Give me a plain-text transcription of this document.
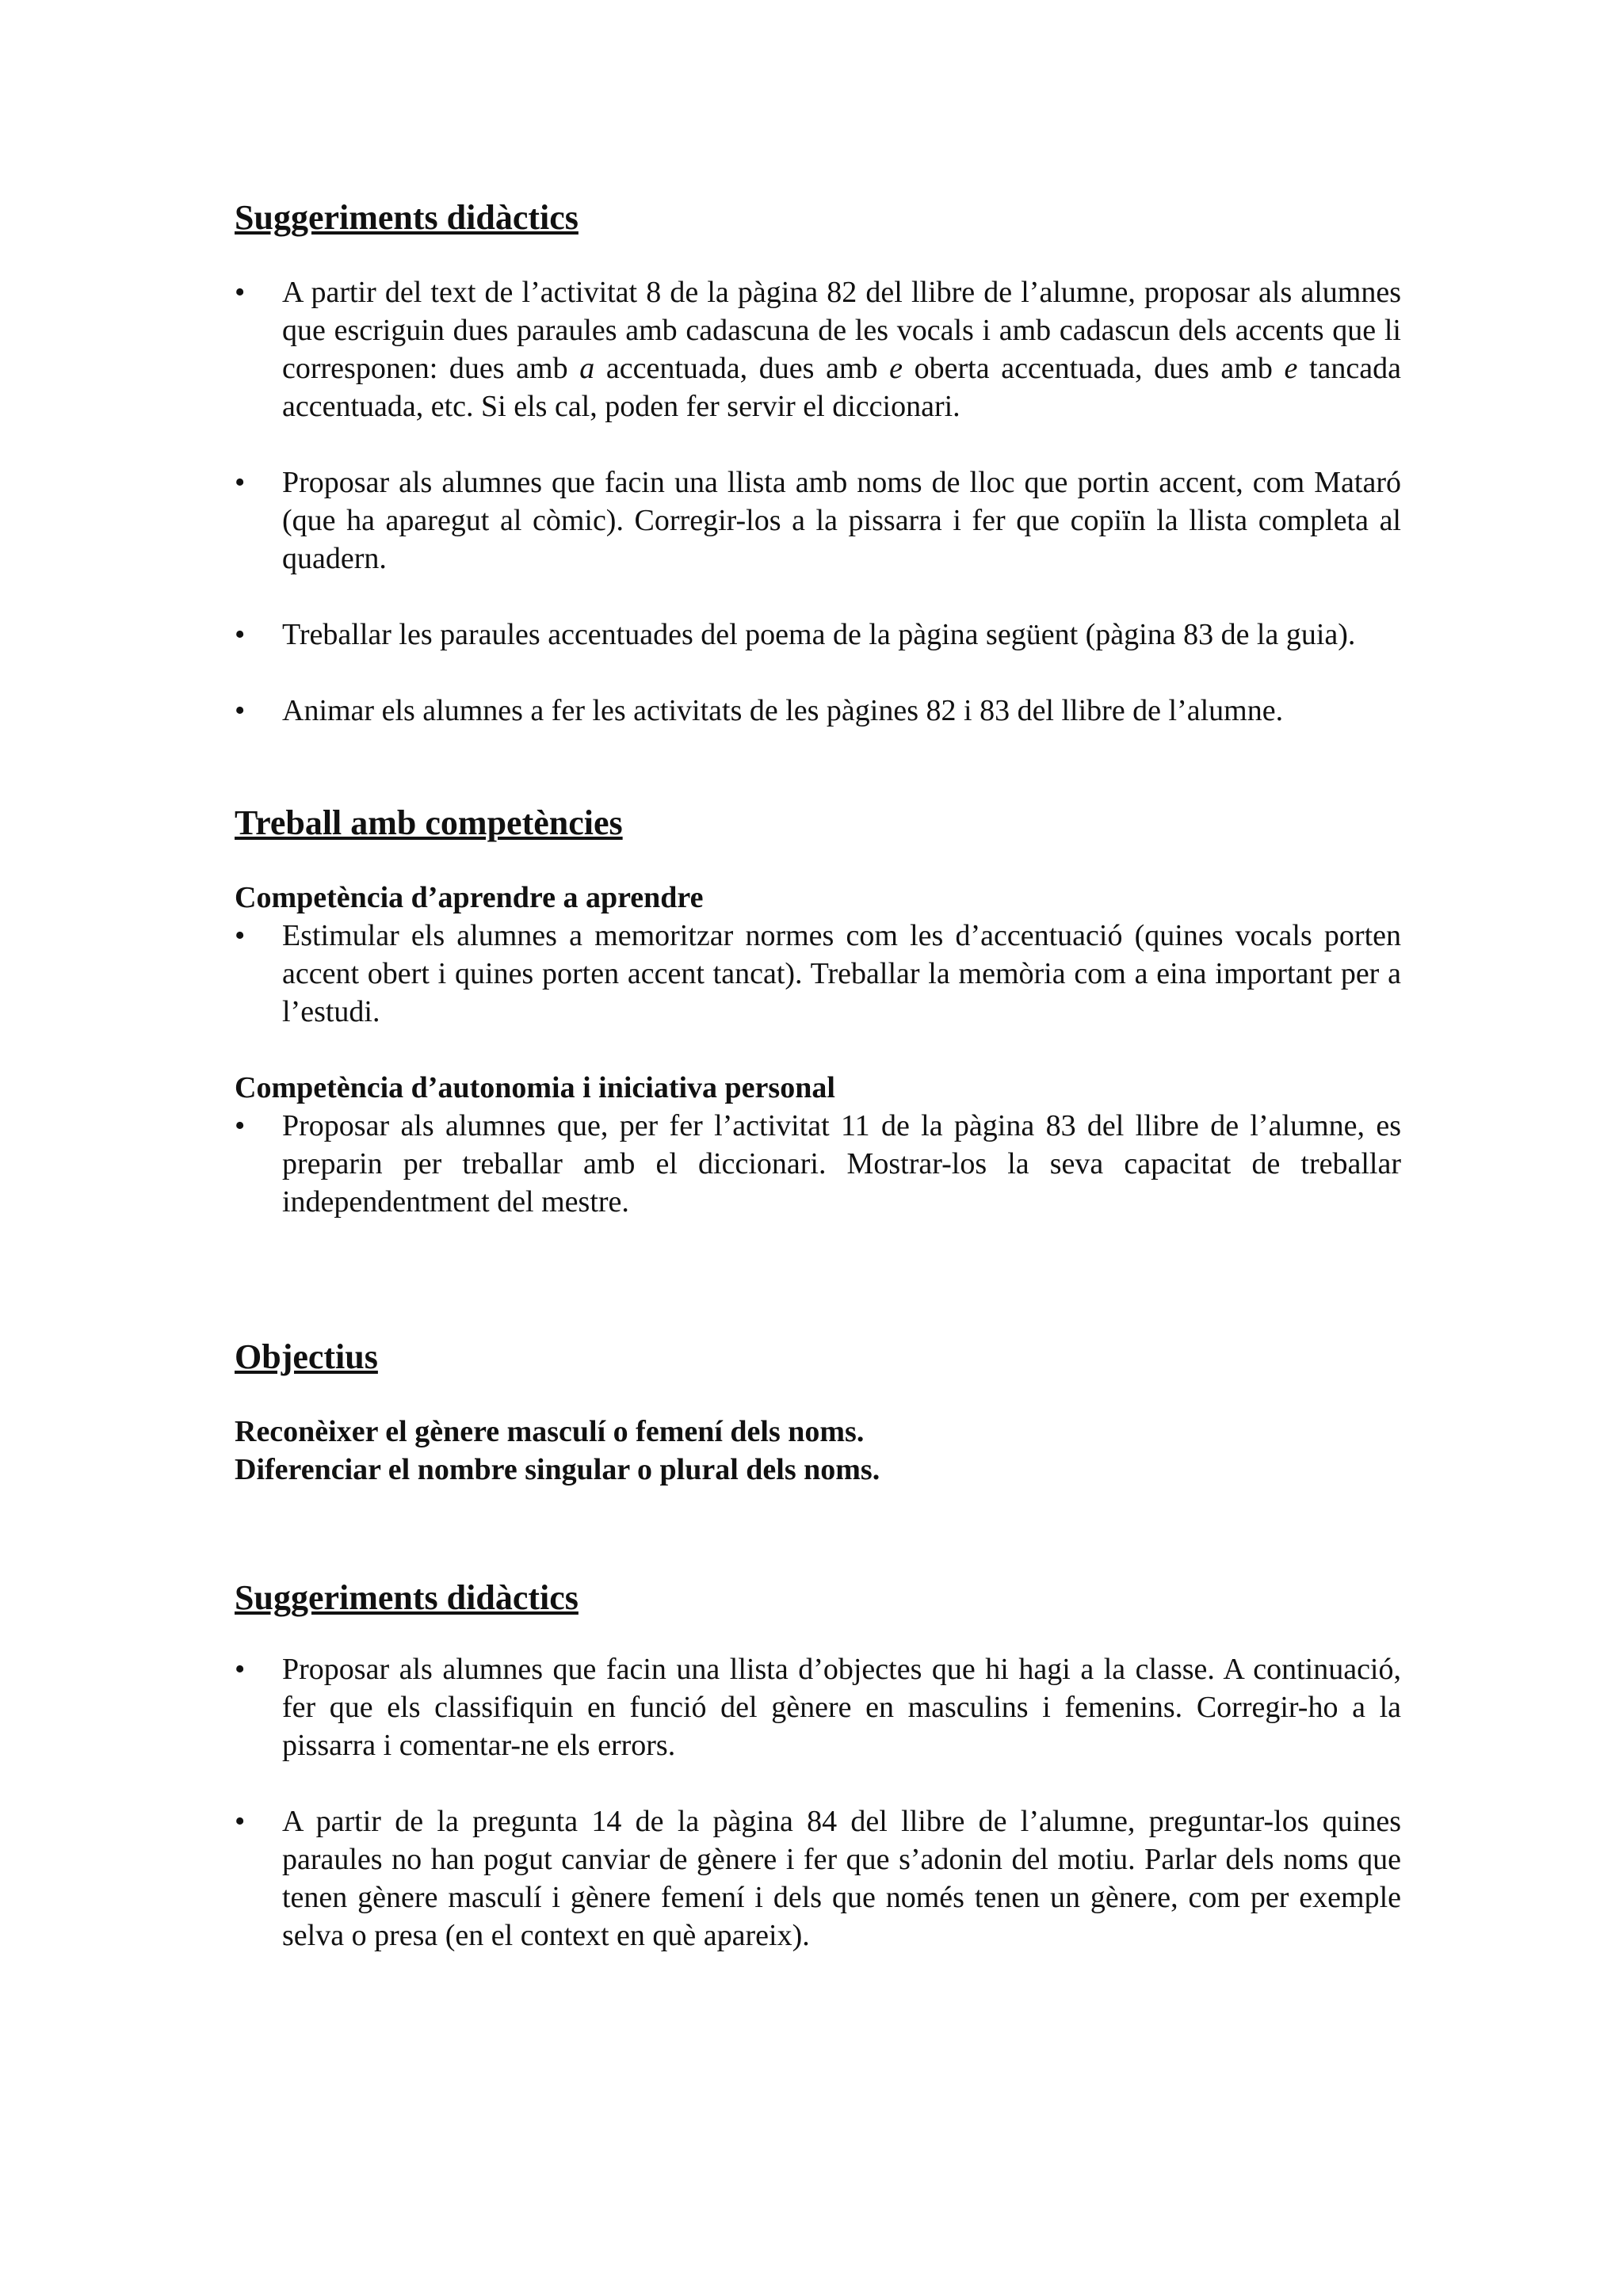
Suggeriments didàctics
•	A partir del text de l’activitat 8 de la pàgina 82 del llibre de l’alumne, proposar als alumnes que escriguin dues paraules amb cadascuna de les vocals i amb cadascun dels accents que li corresponen: dues amb a accentuada, dues amb e oberta accentuada, dues amb e tancada accentuada, etc. Si els cal, poden fer servir el diccionari.
•	Proposar als alumnes que facin una llista amb noms de lloc que portin accent, com Mataró (que ha aparegut al còmic). Corregir-los a la pissarra i fer que copiïn la llista completa al quadern.
•	Treballar les paraules accentuades del poema de la pàgina següent (pàgina 83 de la guia).
•	Animar els alumnes a fer les activitats de les pàgines 82 i 83 del llibre de l’alumne.
Treball amb competències
Competència d’aprendre a aprendre
•	Estimular els alumnes a memoritzar normes com les d’accentuació (quines vocals porten accent obert i quines porten accent tancat). Treballar la memòria com a eina important per a l’estudi.
Competència d’autonomia i iniciativa personal
•	Proposar als alumnes que, per fer l’activitat 11 de la pàgina 83 del llibre de l’alumne, es preparin per treballar amb el diccionari. Mostrar-los la seva capacitat de treballar independentment del mestre.
Objectius

Reconèixer el gènere masculí o femení dels noms.

Diferenciar el nombre singular o plural dels noms.

Suggeriments didàctics
•	Proposar als alumnes que facin una llista d’objectes que hi hagi a la classe. A continuació, fer que els classifiquin en funció del gènere en masculins i femenins. Corregir-ho a la pissarra i comentar-ne els errors.
•	A partir de la pregunta 14 de la pàgina 84 del llibre de l’alumne, preguntar-los quines paraules no han pogut canviar de gènere i fer que s’adonin del motiu. Parlar dels noms que tenen gènere masculí i gènere femení i dels que només tenen un gènere, com per exemple selva o presa (en el context en què apareix).
